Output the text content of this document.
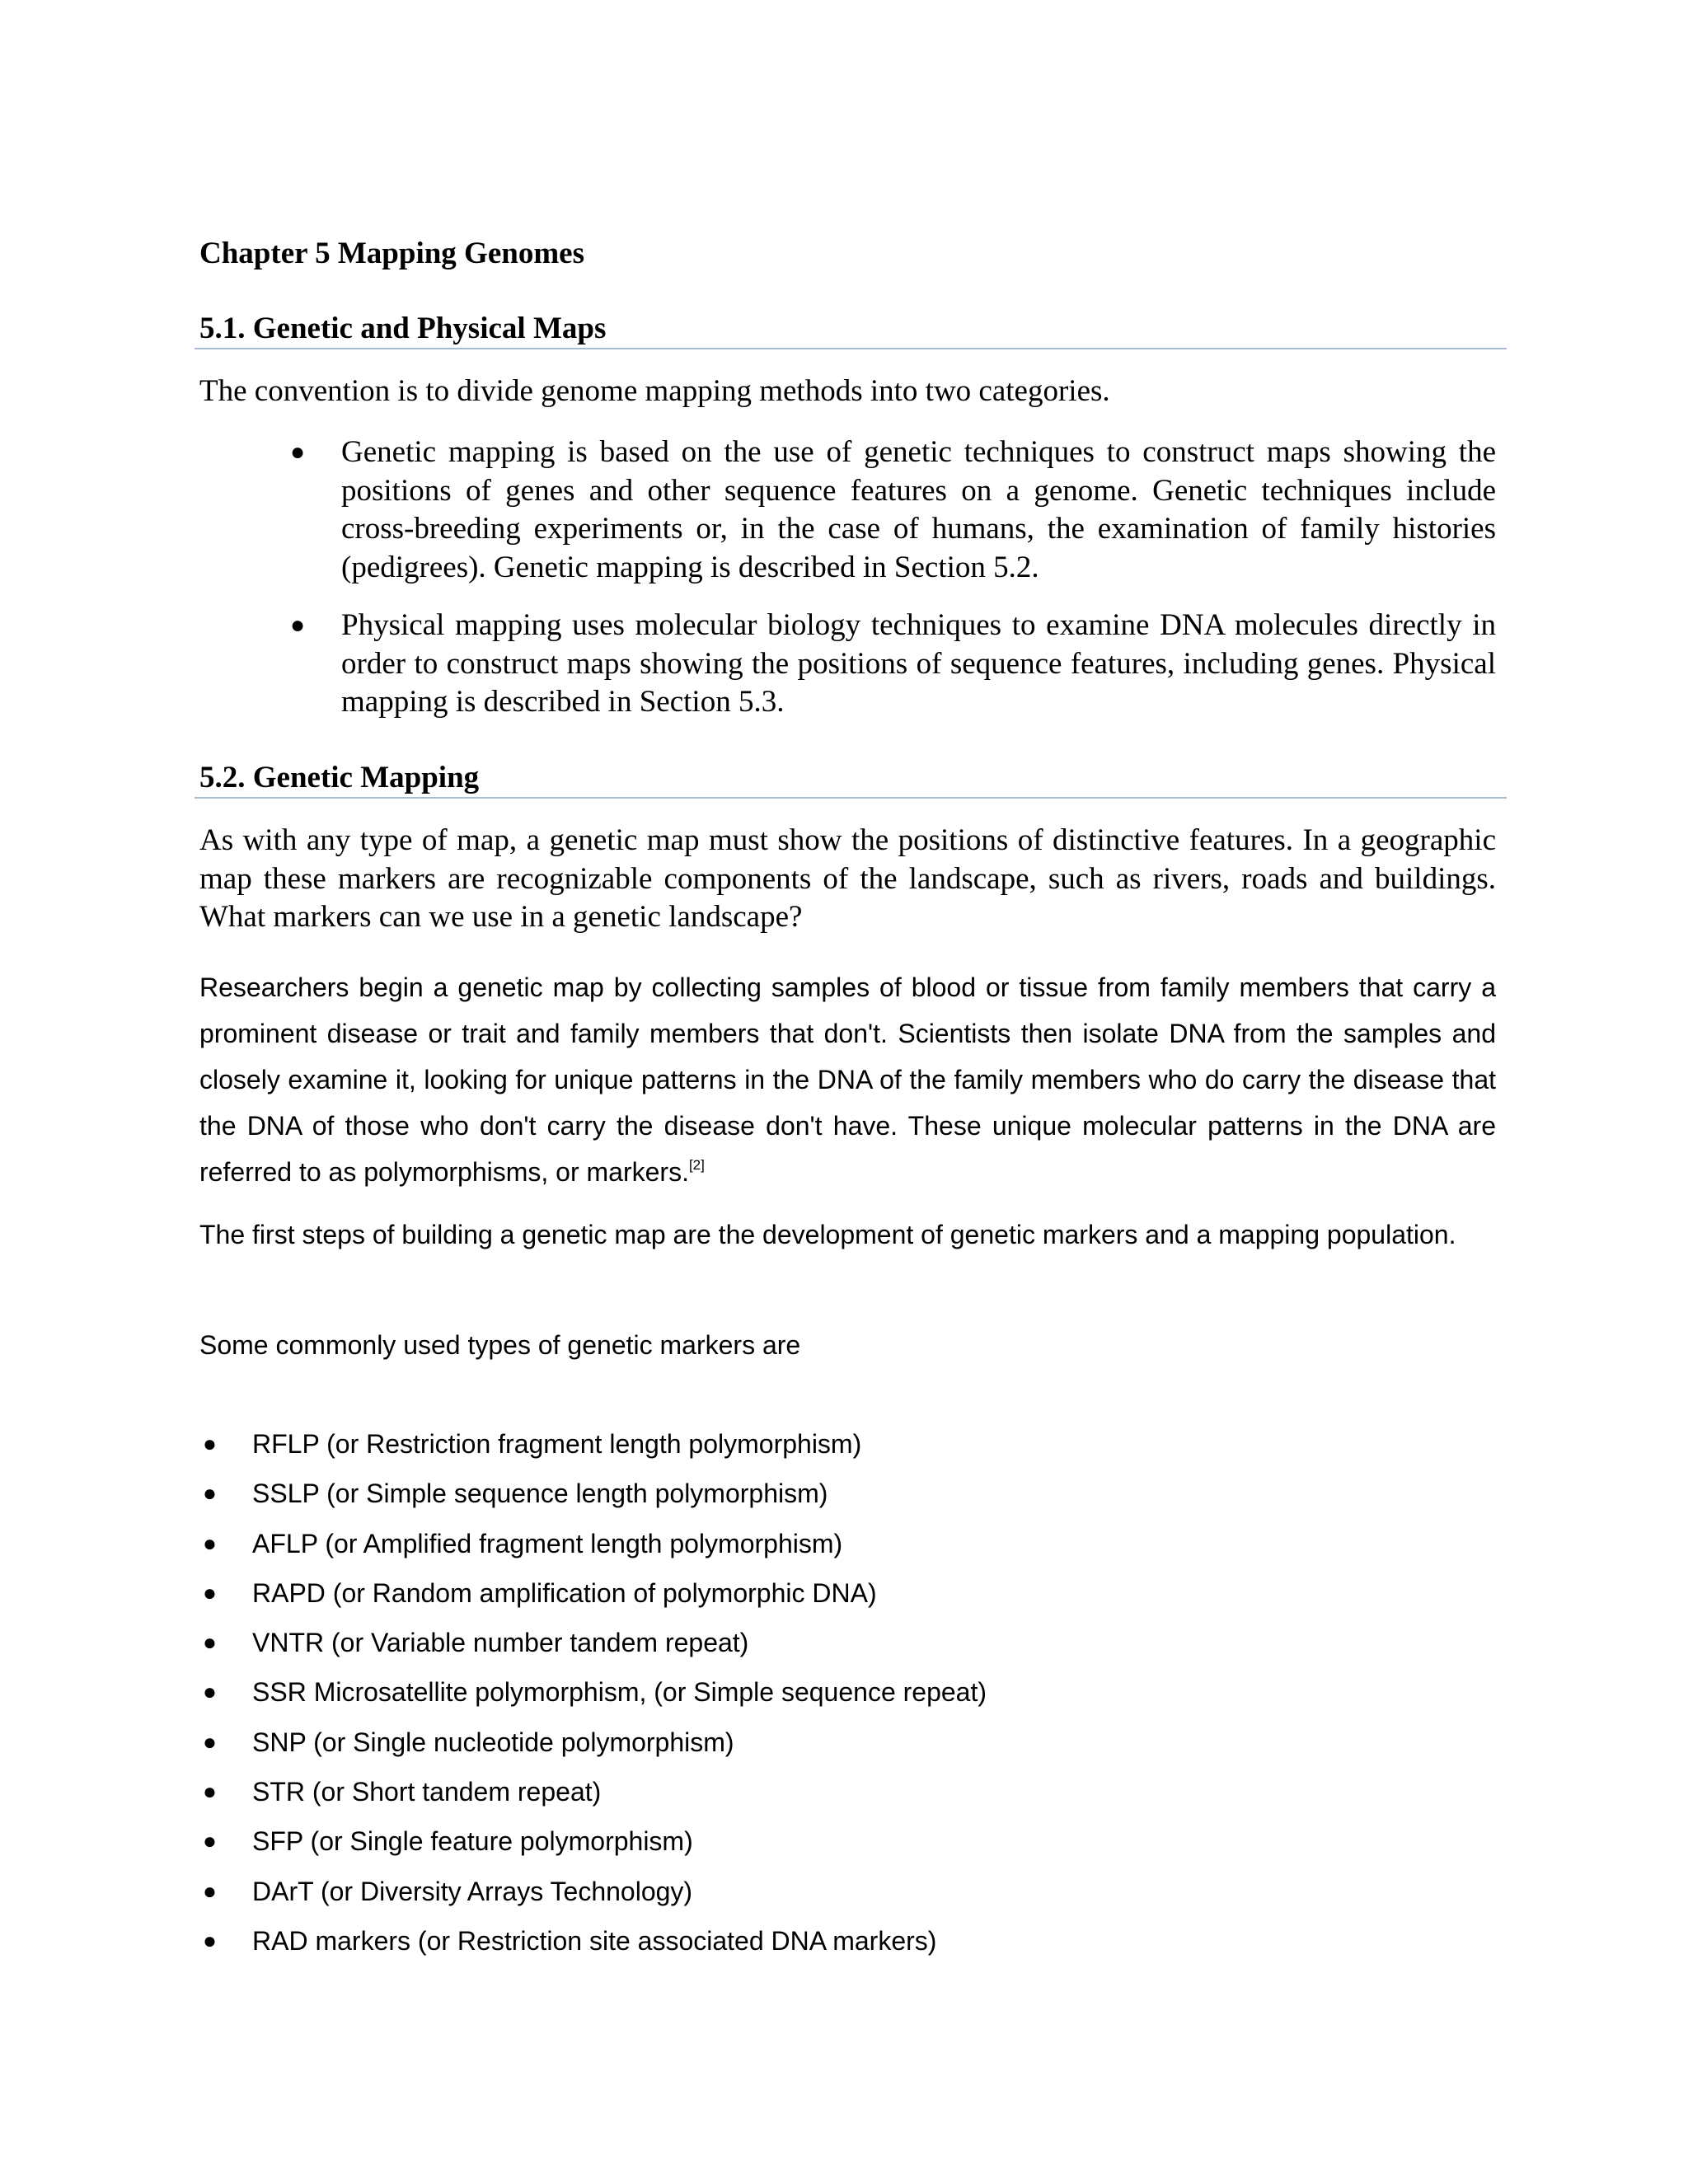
Chapter 5 Mapping Genomes
5.1. Genetic and Physical Maps

The convention is to divide genome mapping methods into two categories.

● Genetic mapping is based on the use of genetic techniques to construct maps showing the positions of genes and other sequence features on a genome. Genetic techniques include cross-breeding experiments or, in the case of humans, the examination of family histories (pedigrees). Genetic mapping is described in Section 5.2.

● Physical mapping uses molecular biology techniques to examine DNA molecules directly in order to construct maps showing the positions of sequence features, including genes. Physical mapping is described in Section 5.3.

5.2. Genetic Mapping

As with any type of map, a genetic map must show the positions of distinctive features. In a geographic map these markers are recognizable components of the landscape, such as rivers, roads and buildings. What markers can we use in a genetic landscape?

Researchers begin a genetic map by collecting samples of blood or tissue from family members that carry a prominent disease or trait and family members that don't. Scientists then isolate DNA from the samples and closely examine it, looking for unique patterns in the DNA of the family members who do carry the disease that the DNA of those who don't carry the disease don't have. These unique molecular patterns in the DNA are referred to as polymorphisms, or markers.[2]

The first steps of building a genetic map are the development of genetic markers and a mapping population.

Some commonly used types of genetic markers are

● RFLP (or Restriction fragment length polymorphism)
● SSLP (or Simple sequence length polymorphism)
● AFLP (or Amplified fragment length polymorphism)
● RAPD (or Random amplification of polymorphic DNA)
● VNTR (or Variable number tandem repeat)
● SSR Microsatellite polymorphism, (or Simple sequence repeat)
● SNP (or Single nucleotide polymorphism)
● STR (or Short tandem repeat)
● SFP (or Single feature polymorphism)
● DArT (or Diversity Arrays Technology)
● RAD markers (or Restriction site associated DNA markers)
